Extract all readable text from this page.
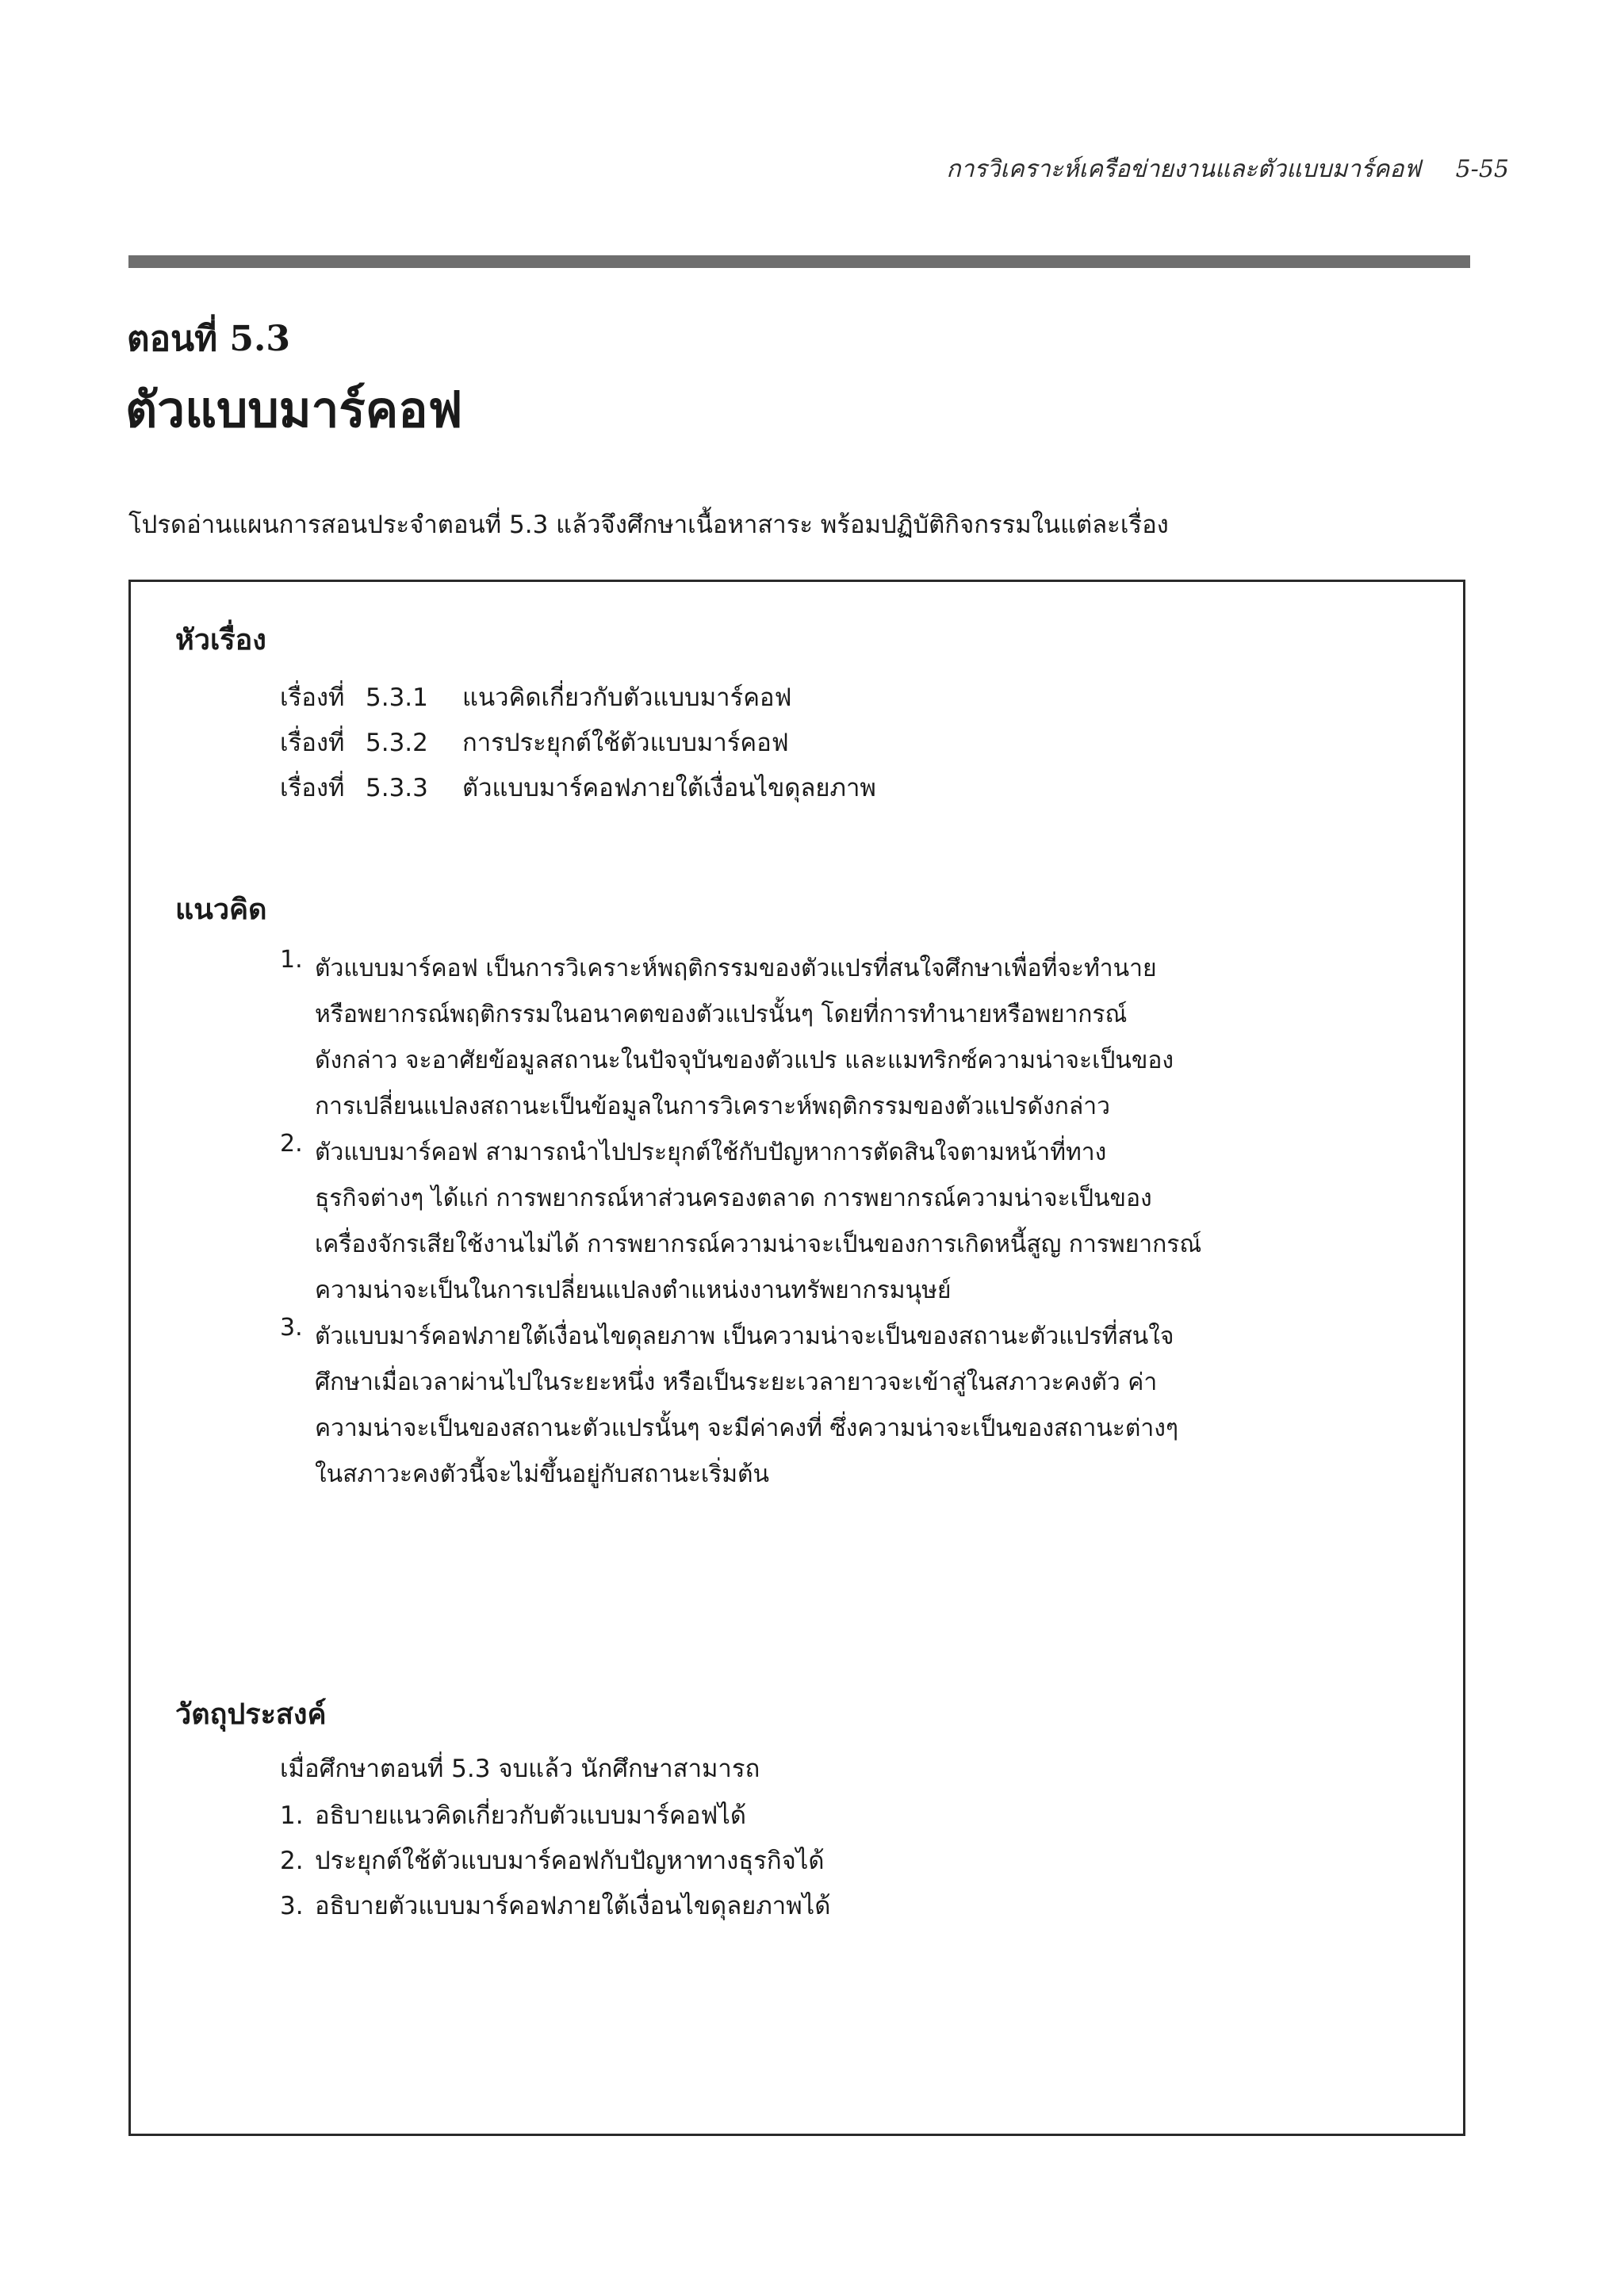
การวิเคราะห์เครือข่ายงานและตัวแบบมาร์คอฟ 5-55
ตอนที่ 5.3
ตัวแบบมาร์คอฟ
โปรดอ่านแผนการสอนประจำตอนที่ 5.3 แล้วจึงศึกษาเนื้อหาสาระ พร้อมปฏิบัติกิจกรรมในแต่ละเรื่อง
หัวเรื่อง
เรื่องที่ 5.3.1	แนวคิดเกี่ยวกับตัวแบบมาร์คอฟ
เรื่องที่ 5.3.2	การประยุกต์ใช้ตัวแบบมาร์คอฟ
เรื่องที่ 5.3.3	ตัวแบบมาร์คอฟภายใต้เงื่อนไขดุลยภาพ
แนวคิด
1. ตัวแบบมาร์คอฟ เป็นการวิเคราะห์พฤติกรรมของตัวแปรที่สนใจศึกษาเพื่อที่จะทำนาย
หรือพยากรณ์พฤติกรรมในอนาคตของตัวแปรนั้นๆ โดยที่การทำนายหรือพยากรณ์
ดังกล่าว จะอาศัยข้อมูลสถานะในปัจจุบันของตัวแปร และแมทริกซ์ความน่าจะเป็นของ
การเปลี่ยนแปลงสถานะเป็นข้อมูลในการวิเคราะห์พฤติกรรมของตัวแปรดังกล่าว
2. ตัวแบบมาร์คอฟ สามารถนำไปประยุกต์ใช้กับปัญหาการตัดสินใจตามหน้าที่ทาง
ธุรกิจต่างๆ ได้แก่ การพยากรณ์หาส่วนครองตลาด การพยากรณ์ความน่าจะเป็นของ
เครื่องจักรเสียใช้งานไม่ได้ การพยากรณ์ความน่าจะเป็นของการเกิดหนี้สูญ การพยากรณ์
ความน่าจะเป็นในการเปลี่ยนแปลงตำแหน่งงานทรัพยากรมนุษย์
3. ตัวแบบมาร์คอฟภายใต้เงื่อนไขดุลยภาพ เป็นความน่าจะเป็นของสถานะตัวแปรที่สนใจ
ศึกษาเมื่อเวลาผ่านไปในระยะหนึ่ง หรือเป็นระยะเวลายาวจะเข้าสู่ในสภาวะคงตัว ค่า
ความน่าจะเป็นของสถานะตัวแปรนั้นๆ จะมีค่าคงที่ ซึ่งความน่าจะเป็นของสถานะต่างๆ
ในสภาวะคงตัวนี้จะไม่ขึ้นอยู่กับสถานะเริ่มต้น
วัตถุประสงค์
เมื่อศึกษาตอนที่ 5.3 จบแล้ว นักศึกษาสามารถ
1. อธิบายแนวคิดเกี่ยวกับตัวแบบมาร์คอฟได้
2. ประยุกต์ใช้ตัวแบบมาร์คอฟกับปัญหาทางธุรกิจได้
3. อธิบายตัวแบบมาร์คอฟภายใต้เงื่อนไขดุลยภาพได้
